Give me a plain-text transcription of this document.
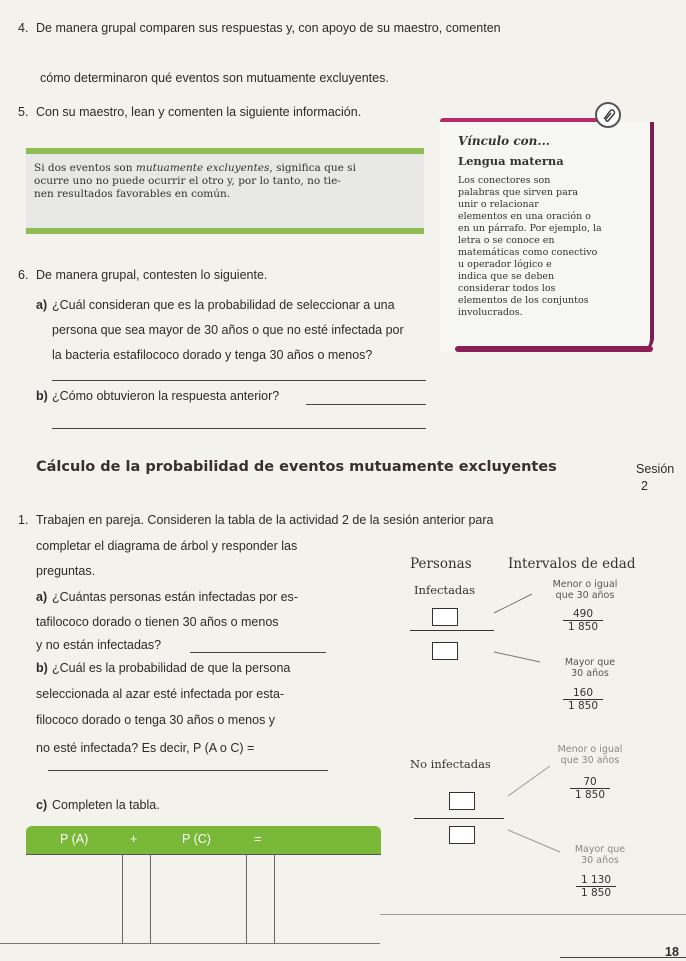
4. De manera grupal comparen sus respuestas y, con apoyo de su maestro, comenten
cómo determinaron qué eventos son mutuamente excluyentes.
5. Con su maestro, lean y comenten la siguiente información.

Si dos eventos son mutuamente excluyentes, significa que si
ocurre uno no puede ocurrir el otro y, por lo tanto, no tie-
nen resultados favorables en común.

Vínculo con...
Lengua materna
Los conectores son
palabras que sirven para
unir o relacionar
elementos en una oración o
en un párrafo. Por ejemplo, la
letra o se conoce en
matemáticas como conectivo
u operador lógico e
indica que se deben
considerar todos los
elementos de los conjuntos
involucrados.
6. De manera grupal, contesten lo siguiente.
a) ¿Cuál consideran que es la probabilidad de seleccionar a una
persona que sea mayor de 30 años o que no esté infectada por
la bacteria estafilococo dorado y tenga 30 años o menos?
b) ¿Cómo obtuvieron la respuesta anterior?
Cálculo de la probabilidad de eventos mutuamente excluyentes	Sesión
2
1. Trabajen en pareja. Consideren la tabla de la actividad 2 de la sesión anterior para
completar el diagrama de árbol y responder las
preguntas.
a) ¿Cuántas personas están infectadas por es-
tafilococo dorado o tienen 30 años o menos
y no están infectadas?
b) ¿Cuál es la probabilidad de que la persona
seleccionada al azar esté infectada por esta-
filococo dorado o tenga 30 años o menos y
no esté infectada? Es decir, P (A o C) =
c) Completen la tabla.
Personas	Intervalos de edad
Infectadas
No infectadas
Menor o igual
que 30 años
$\frac{490}{1 850}$
Mayor que
30 años
$\frac{160}{1 850}$
Menor o igual
que 30 años
$\frac{70}{1 850}$
Mayor que
30 años
$\frac{1 130}{1 850}$
P (A)	+	P (C)	=
18
